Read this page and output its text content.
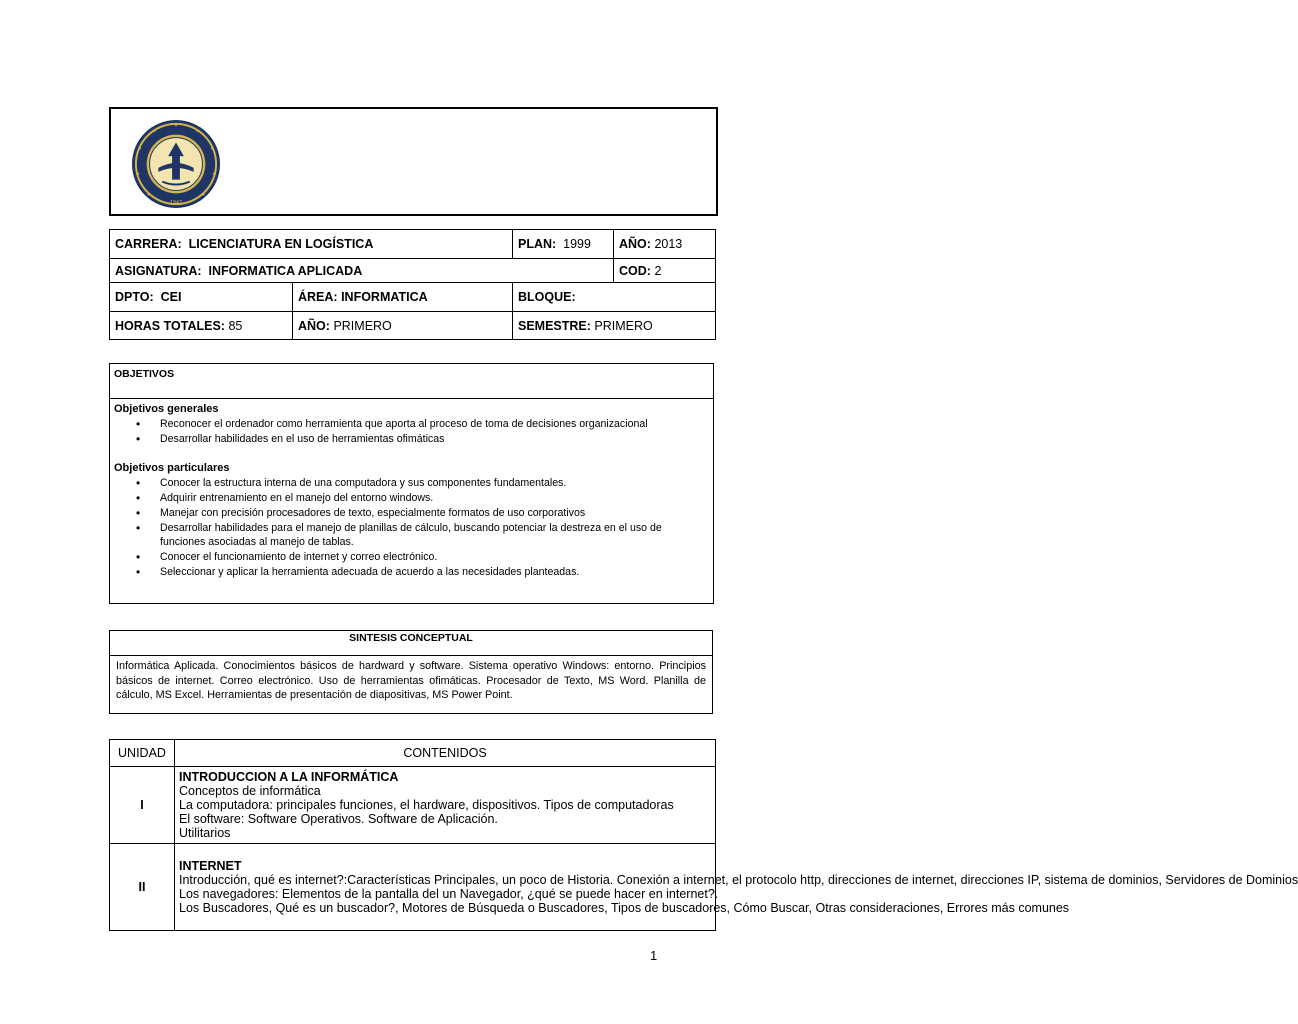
— 1947 —
CARRERA: LICENCIATURA EN LOGÍSTICA		PLAN: 1999	AÑO: 2013
ASIGNATURA: INFORMATICA APLICADA			COD: 2
DPTO: CEI	ÁREA: INFORMATICA	BLOQUE:	
HORAS TOTALES: 85	AÑO: PRIMERO	SEMESTRE: PRIMERO	
OBJETIVOS
Objetivos generales
• Reconocer el ordenador como herramienta que aporta al proceso de toma de decisiones organizacional
• Desarrollar habilidades en el uso de herramientas ofimáticas
Objetivos particulares
• Conocer la estructura interna de una computadora y sus componentes fundamentales.
• Adquirir entrenamiento en el manejo del entorno windows.
• Manejar con precisión procesadores de texto, especialmente formatos de uso corporativos
• Desarrollar habilidades para el manejo de planillas de cálculo, buscando potenciar la destreza en el uso de funciones asociadas al manejo de tablas.
• Conocer el funcionamiento de internet y correo electrónico.
• Seleccionar y aplicar la herramienta adecuada de acuerdo a las necesidades planteadas.
SINTESIS CONCEPTUAL
Informática Aplicada. Conocimientos básicos de hardward y software. Sistema operativo Windows: entorno. Principios básicos de internet. Correo electrónico. Uso de herramientas ofimáticas. Procesador de Texto, MS Word. Planilla de cálculo, MS Excel. Herramientas de presentación de diapositivas, MS Power Point.
UNIDAD	CONTENIDOS
I	INTRODUCCION A LA INFORMÁTICA
Conceptos de informática
La computadora: principales funciones, el hardware, dispositivos. Tipos de computadoras
El software: Software Operativos. Software de Aplicación.
Utilitarios

II	INTERNET
Introducción, qué es internet?:Características Principales, un poco de Historia. Conexión a internet, el protocolo http, direcciones de internet, direcciones IP, sistema de dominios, Servidores de Dominios
Los navegadores: Elementos de la pantalla del un Navegador, ¿qué se puede hacer en internet?.
Los Buscadores, Qué es un buscador?, Motores de Búsqueda o Buscadores, Tipos de buscadores, Cómo Buscar, Otras consideraciones, Errores más comunes
1
